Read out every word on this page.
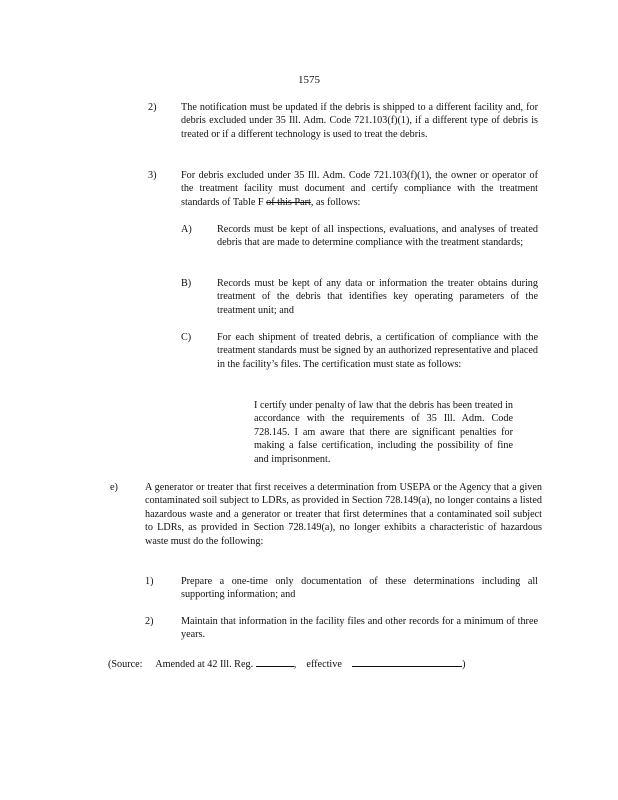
1575
2) The notification must be updated if the debris is shipped to a different facility and, for debris excluded under 35 Ill. Adm. Code 721.103(f)(1), if a different type of debris is treated or if a different technology is used to treat the debris.
3) For debris excluded under 35 Ill. Adm. Code 721.103(f)(1), the owner or operator of the treatment facility must document and certify compliance with the treatment standards of Table F of this Part, as follows:
A) Records must be kept of all inspections, evaluations, and analyses of treated debris that are made to determine compliance with the treatment standards;
B)	Records must be kept of any data or information the treater obtains during treatment of the debris that identifies key operating parameters of the treatment unit; and
C)	For each shipment of treated debris, a certification of compliance with the treatment standards must be signed by an authorized representative and placed in the facility’s files. The certification must state as follows:
I certify under penalty of law that the debris has been treated in accordance with the requirements of 35 Ill. Adm. Code 728.145. I am aware that there are significant penalties for making a false certification, including the possibility of fine and imprisonment.
e)	A generator or treater that first receives a determination from USEPA or the Agency that a given contaminated soil subject to LDRs, as provided in Section 728.149(a), no longer contains a listed hazardous waste and a generator or treater that first determines that a contaminated soil subject to LDRs, as provided in Section 728.149(a), no longer exhibits a characteristic of hazardous waste must do the following:
1)	Prepare a one-time only documentation of these determinations including all supporting information; and
2)	Maintain that information in the facility files and other records for a minimum of three years.
(Source: Amended at 42 Ill. Reg.	, effective	)
